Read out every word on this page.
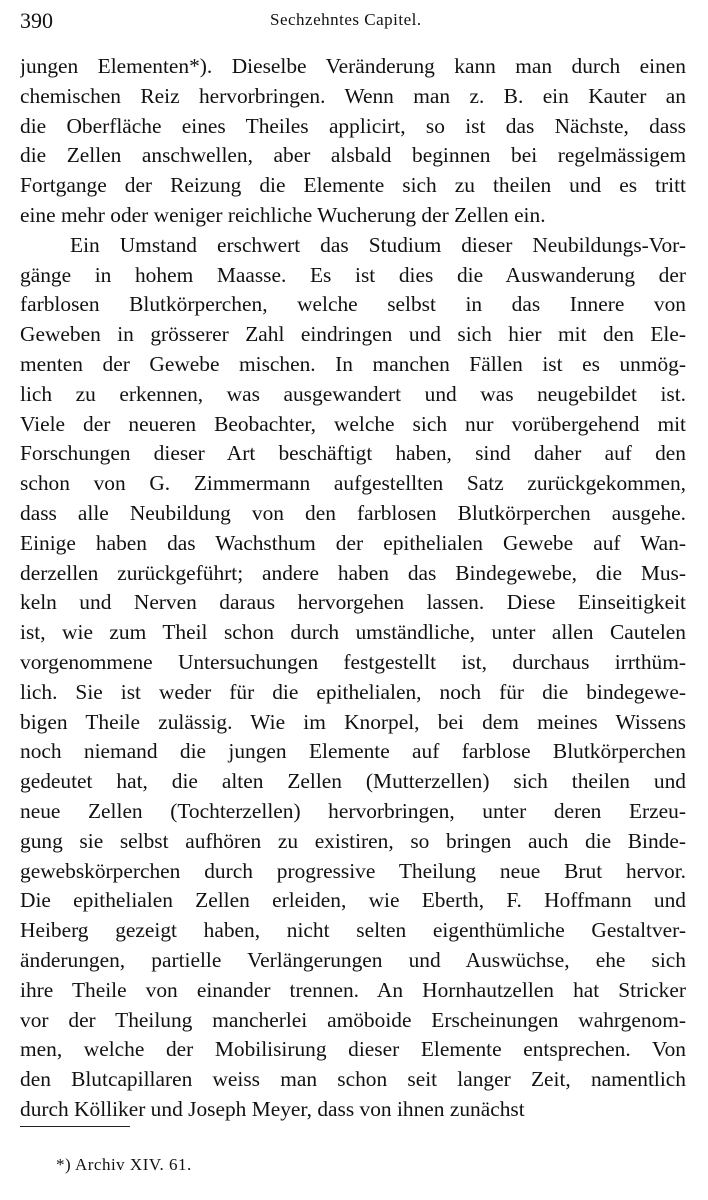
390	Sechzehntes Capitel.
jungen Elementen*). Dieselbe Veränderung kann man durch einen
chemischen Reiz hervorbringen. Wenn man z. B. ein Kauter an
die Oberfläche eines Theiles applicirt, so ist das Nächste, dass
die Zellen anschwellen, aber alsbald beginnen bei regelmässigem
Fortgange der Reizung die Elemente sich zu theilen und es tritt
eine mehr oder weniger reichliche Wucherung der Zellen ein.
Ein Umstand erschwert das Studium dieser Neubildungs-Vor-
gänge in hohem Maasse. Es ist dies die Auswanderung der
farblosen Blutkörperchen, welche selbst in das Innere von
Geweben in grösserer Zahl eindringen und sich hier mit den Ele-
menten der Gewebe mischen. In manchen Fällen ist es unmög-
lich zu erkennen, was ausgewandert und was neugebildet ist.
Viele der neueren Beobachter, welche sich nur vorübergehend mit
Forschungen dieser Art beschäftigt haben, sind daher auf den
schon von G. Zimmermann aufgestellten Satz zurückgekommen,
dass alle Neubildung von den farblosen Blutkörperchen ausgehe.
Einige haben das Wachsthum der epithelialen Gewebe auf Wan-
derzellen zurückgeführt; andere haben das Bindegewebe, die Mus-
keln und Nerven daraus hervorgehen lassen. Diese Einseitigkeit
ist, wie zum Theil schon durch umständliche, unter allen Cautelen
vorgenommene Untersuchungen festgestellt ist, durchaus irrthüm-
lich. Sie ist weder für die epithelialen, noch für die bindegewe-
bigen Theile zulässig. Wie im Knorpel, bei dem meines Wissens
noch niemand die jungen Elemente auf farblose Blutkörperchen
gedeutet hat, die alten Zellen (Mutterzellen) sich theilen und
neue Zellen (Tochterzellen) hervorbringen, unter deren Erzeu-
gung sie selbst aufhören zu existiren, so bringen auch die Binde-
gewebskörperchen durch progressive Theilung neue Brut hervor.
Die epithelialen Zellen erleiden, wie Eberth, F. Hoffmann und
Heiberg gezeigt haben, nicht selten eigenthümliche Gestaltver-
änderungen, partielle Verlängerungen und Auswüchse, ehe sich
ihre Theile von einander trennen. An Hornhautzellen hat Stricker
vor der Theilung mancherlei amöboide Erscheinungen wahrgenom-
men, welche der Mobilisirung dieser Elemente entsprechen. Von
den Blutcapillaren weiss man schon seit langer Zeit, namentlich
durch Kölliker und Joseph Meyer, dass von ihnen zunächst
*) Archiv XIV. 61.
